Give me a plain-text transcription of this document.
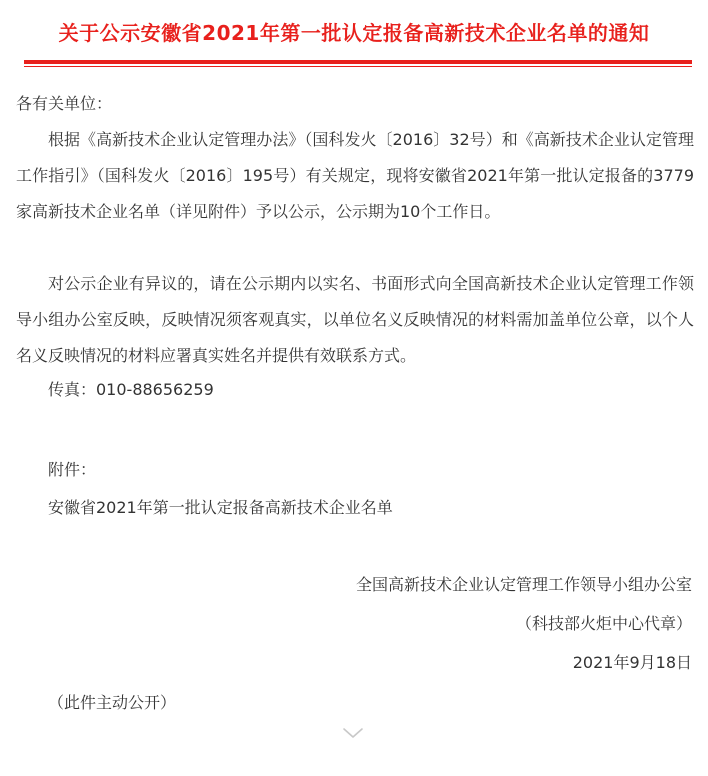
关于公示安徽省2021年第一批认定报备高新技术企业名单的通知
各有关单位：

根据《高新技术企业认定管理办法》（国科发火〔2016〕32号）和《高新技术企业认定管理工作指引》（国科发火〔2016〕195号）有关规定，现将安徽省2021年第一批认定报备的3779家高新技术企业名单（详见附件）予以公示，公示期为10个工作日。

对公示企业有异议的，请在公示期内以实名、书面形式向全国高新技术企业认定管理工作领导小组办公室反映，反映情况须客观真实，以单位名义反映情况的材料需加盖单位公章，以个人名义反映情况的材料应署真实姓名并提供有效联系方式。

传真：010-88656259
附件：
安徽省2021年第一批认定报备高新技术企业名单
全国高新技术企业认定管理工作领导小组办公室
（科技部火炬中心代章）
2021年9月18日
（此件主动公开）
